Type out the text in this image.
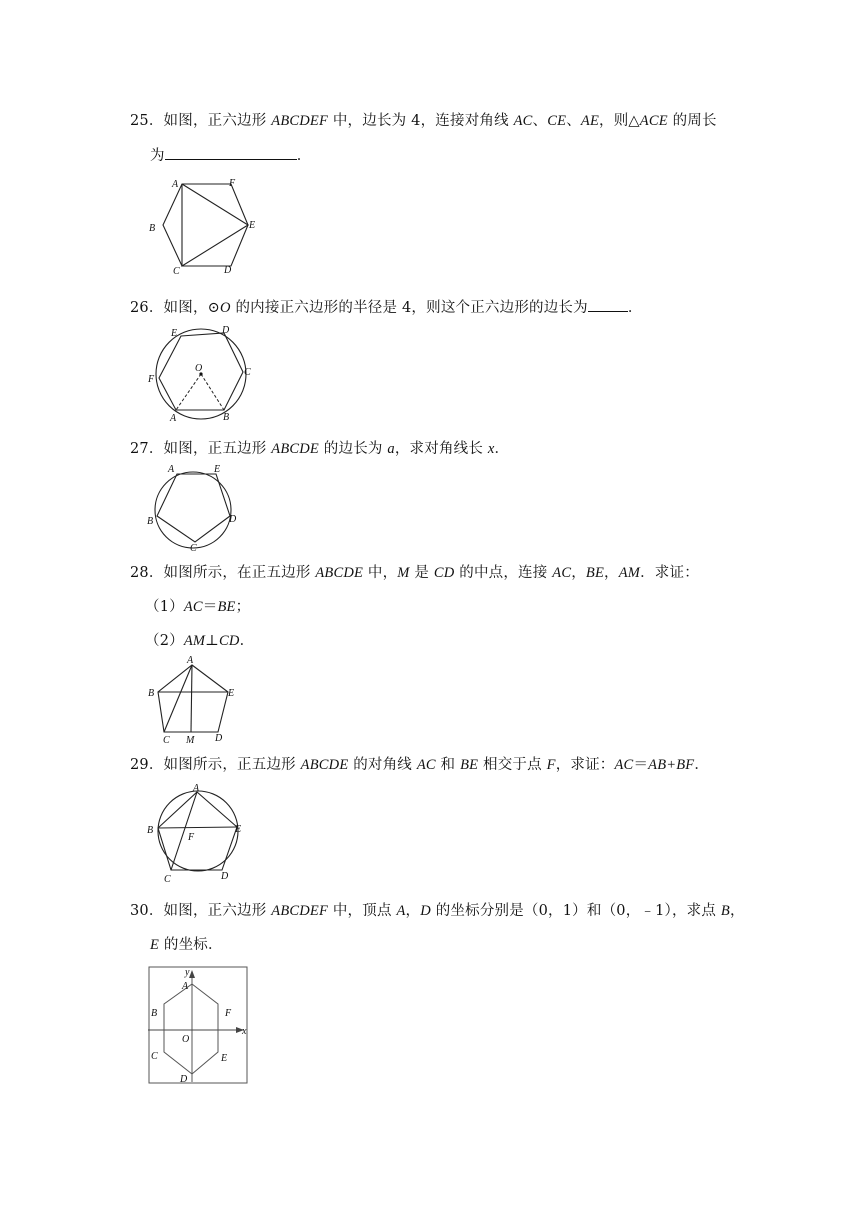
25．如图，正六边形 ABCDEF 中，边长为 4，连接对角线 AC、CE、AE，则△ACE 的周长
为	．
A	F
B	E
C	D
26．如图，⊙O 的内接正六边形的半径是 4，则这个正六边形的边长为	．
E	D
F
O	C
A	B
27．如图，正五边形 ABCDE 的边长为 a，求对角线长 x．
A	E
B	D
C
28．如图所示，在正五边形 ABCDE 中，M 是 CD 的中点，连接 AC，BE，AM．求证：
（1）AC＝BE；
（2）AM⊥CD．
A
B	E
C M D
29．如图所示，正五边形 ABCDE 的对角线 AC 和 BE 相交于点 F，求证：AC＝AB+BF．
A
B	E
F
C	D
30．如图，正六边形 ABCDEF 中，顶点 A，D 的坐标分别是（0，1）和（0，﹣1），求点 B，
E 的坐标．
y
x
A
B	F
O
C	E
D
